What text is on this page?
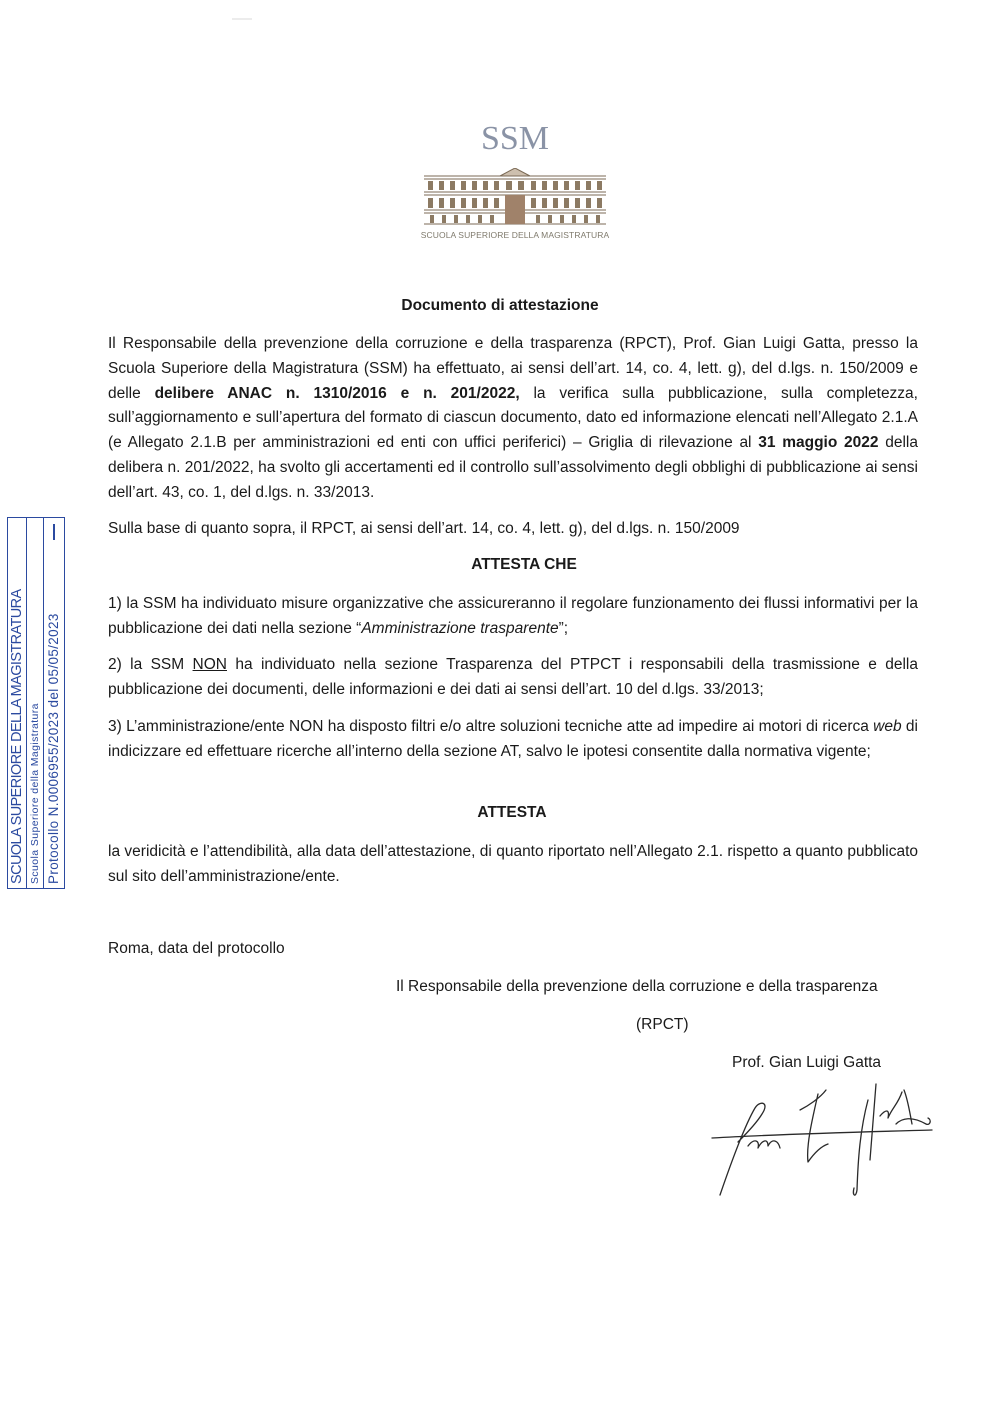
SSM
SCUOLA SUPERIORE DELLA MAGISTRATURA
SCUOLA SUPERIORE DELLA MAGISTRATURA Scuola Superiore della Magistratura Protocollo N.0006955/2023 del 05/05/2023
Documento di attestazione

Il Responsabile della prevenzione della corruzione e della trasparenza (RPCT), Prof. Gian Luigi Gatta, presso la Scuola Superiore della Magistratura (SSM) ha effettuato, ai sensi dell’art. 14, co. 4, lett. g), del d.lgs. n. 150/2009 e delle delibere ANAC n. 1310/2016 e n. 201/2022, la verifica sulla pubblicazione, sulla completezza, sull’aggiornamento e sull’apertura del formato di ciascun documento, dato ed informazione elencati nell’Allegato 2.1.A (e Allegato 2.1.B per amministrazioni ed enti con uffici periferici) – Griglia di rilevazione al 31 maggio 2022 della delibera n. 201/2022, ha svolto gli accertamenti ed il controllo sull’assolvimento degli obblighi di pubblicazione ai sensi dell’art. 43, co. 1, del d.lgs. n. 33/2013.

Sulla base di quanto sopra, il RPCT, ai sensi dell’art. 14, co. 4, lett. g), del d.lgs. n. 150/2009

ATTESTA CHE

1) la SSM ha individuato misure organizzative che assicureranno il regolare funzionamento dei flussi informativi per la pubblicazione dei dati nella sezione “Amministrazione trasparente”;

2) la SSM NON ha individuato nella sezione Trasparenza del PTPCT i responsabili della trasmissione e della pubblicazione dei documenti, delle informazioni e dei dati ai sensi dell’art. 10 del d.lgs. 33/2013;

3) L’amministrazione/ente NON ha disposto filtri e/o altre soluzioni tecniche atte ad impedire ai motori di ricerca web di indicizzare ed effettuare ricerche all’interno della sezione AT, salvo le ipotesi consentite dalla normativa vigente;

ATTESTA

la veridicità e l’attendibilità, alla data dell’attestazione, di quanto riportato nell’Allegato 2.1. rispetto a quanto pubblicato sul sito dell’amministrazione/ente.

Roma, data del protocollo
Il Responsabile della prevenzione della corruzione e della trasparenza
(RPCT)
Prof. Gian Luigi Gatta
